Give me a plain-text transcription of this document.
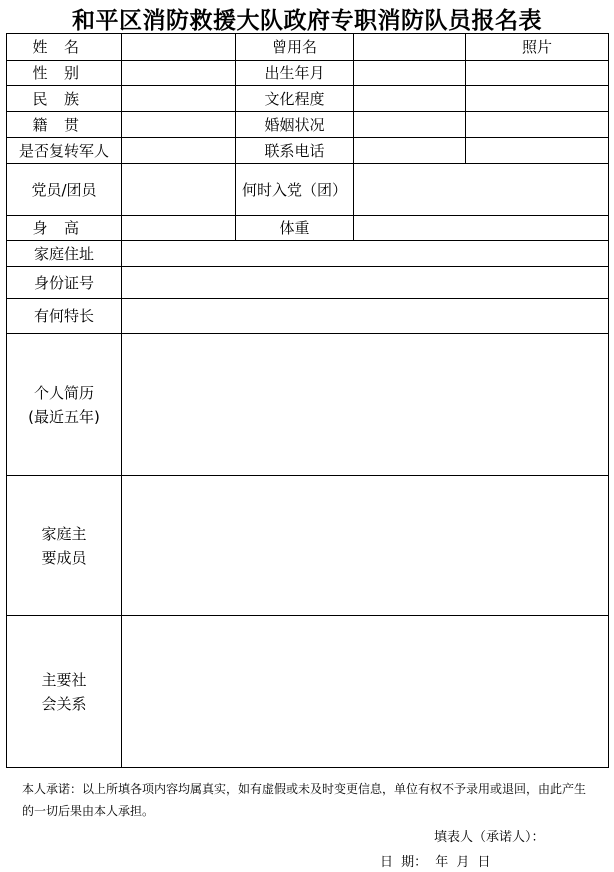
和平区消防救援大队政府专职消防队员报名表
姓名		曾用名		照片
性别		出生年月		
民族		文化程度		
籍贯		婚姻状况		
是否复转军人		联系电话		
党员/团员		何时入党（团）		
身高		体重		
家庭住址				
身份证号				
有何特长				

个人简历
(最近五年)				

家庭主
要成员				

主要社
会关系				

本人承诺：以上所填各项内容均属真实，如有虚假或未及时变更信息，单位有权不予录用或退回，由此产生的一切后果由本人承担。
填表人（承诺人）：
日 期： 年 月 日
